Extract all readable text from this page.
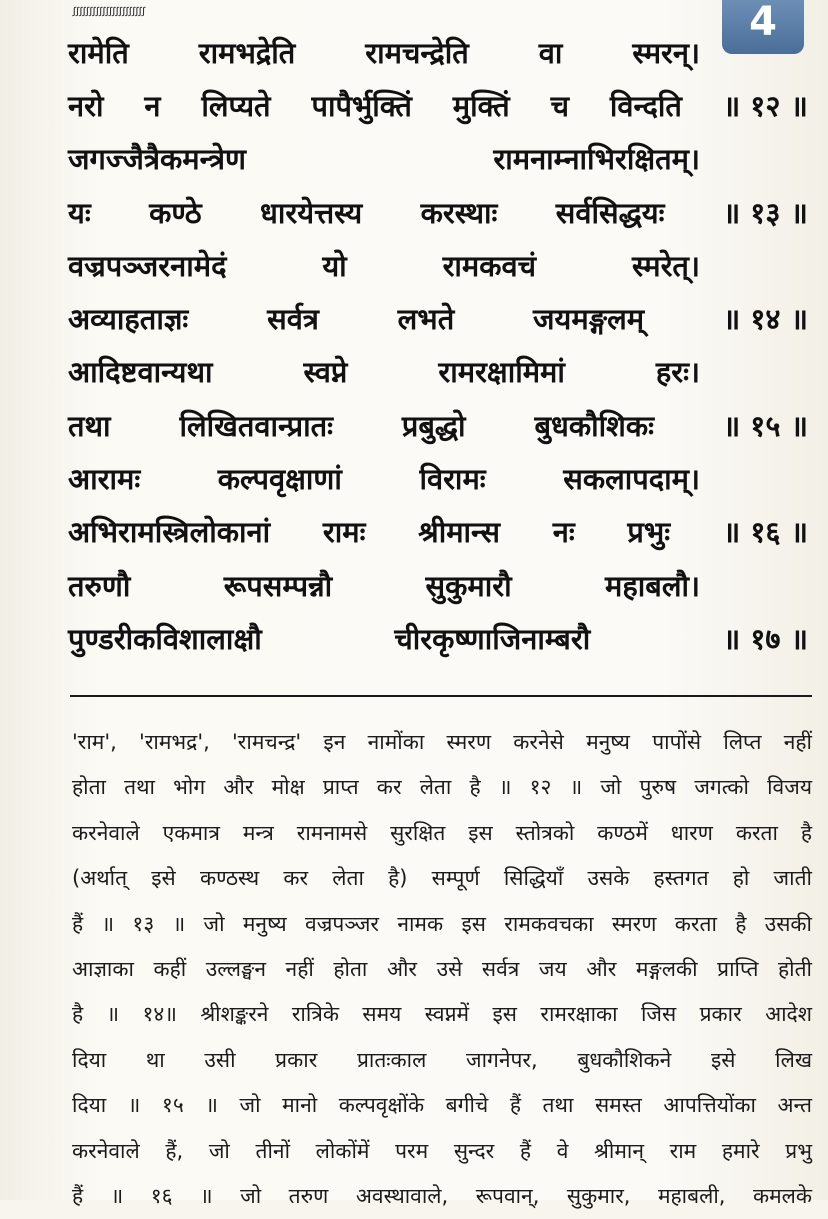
ꭍꭍꭍꭍꭍꭍꭍꭍꭍꭍꭍꭍꭍꭍꭍꭍꭍꭍꭍꭍꭍꭍ	4
रामेति रामभद्रेति रामचन्द्रेति वा स्मरन्।
नरो न लिप्यते पापैर्भुक्तिं मुक्तिं च विन्दति ॥ १२ ॥
जगज्जैत्रैकमन्त्रेण	रामनाम्नाभिरक्षितम्।
यः कण्ठे धारयेत्तस्य करस्थाः सर्वसिद्धयः ॥ १३ ॥
वज्रपञ्जरनामेदं	यो	रामकवचं	स्मरेत्।
अव्याहताज्ञः	सर्वत्र	लभते	जयमङ्गलम्	॥ १४ ॥
आदिष्टवान्यथा	स्वप्ने	रामरक्षामिमां	हरः।
तथा लिखितवान्प्रातः प्रबुद्धो बुधकौशिकः ॥ १५ ॥
आरामः	कल्पवृक्षाणां	विरामः	सकलापदाम्।
अभिरामस्त्रिलोकानां रामः श्रीमान्स नः प्रभुः ॥ १६ ॥
तरुणौ	रूपसम्पन्नौ	सुकुमारौ	महाबलौ।
पुण्डरीकविशालाक्षौ	चीरकृष्णाजिनाम्बरौ	॥ १७ ॥
'राम', 'रामभद्र', 'रामचन्द्र' इन नामोंका स्मरण करनेसे मनुष्य पापोंसे लिप्त नहीं
होता तथा भोग और मोक्ष प्राप्त कर लेता है ॥ १२ ॥ जो पुरुष जगत्को विजय
करनेवाले एकमात्र मन्त्र रामनामसे सुरक्षित इस स्तोत्रको कण्ठमें धारण करता है
(अर्थात् इसे कण्ठस्थ कर लेता है) सम्पूर्ण सिद्धियाँ उसके हस्तगत हो जाती
हैं ॥ १३ ॥ जो मनुष्य वज्रपञ्जर नामक इस रामकवचका स्मरण करता है उसकी
आज्ञाका कहीं उल्लङ्घन नहीं होता और उसे सर्वत्र जय और मङ्गलकी प्राप्ति होती
है ॥ १४॥ श्रीशङ्करने रात्रिके समय स्वप्नमें इस रामरक्षाका जिस प्रकार आदेश
दिया था उसी प्रकार प्रातःकाल जागनेपर, बुधकौशिकने इसे लिख
दिया ॥ १५ ॥ जो मानो कल्पवृक्षोंके बगीचे हैं तथा समस्त आपत्तियोंका अन्त
करनेवाले हैं, जो तीनों लोकोंमें परम सुन्दर हैं वे श्रीमान् राम हमारे प्रभु
हैं ॥ १६ ॥ जो तरुण अवस्थावाले, रूपवान्, सुकुमार, महाबली, कमलके
